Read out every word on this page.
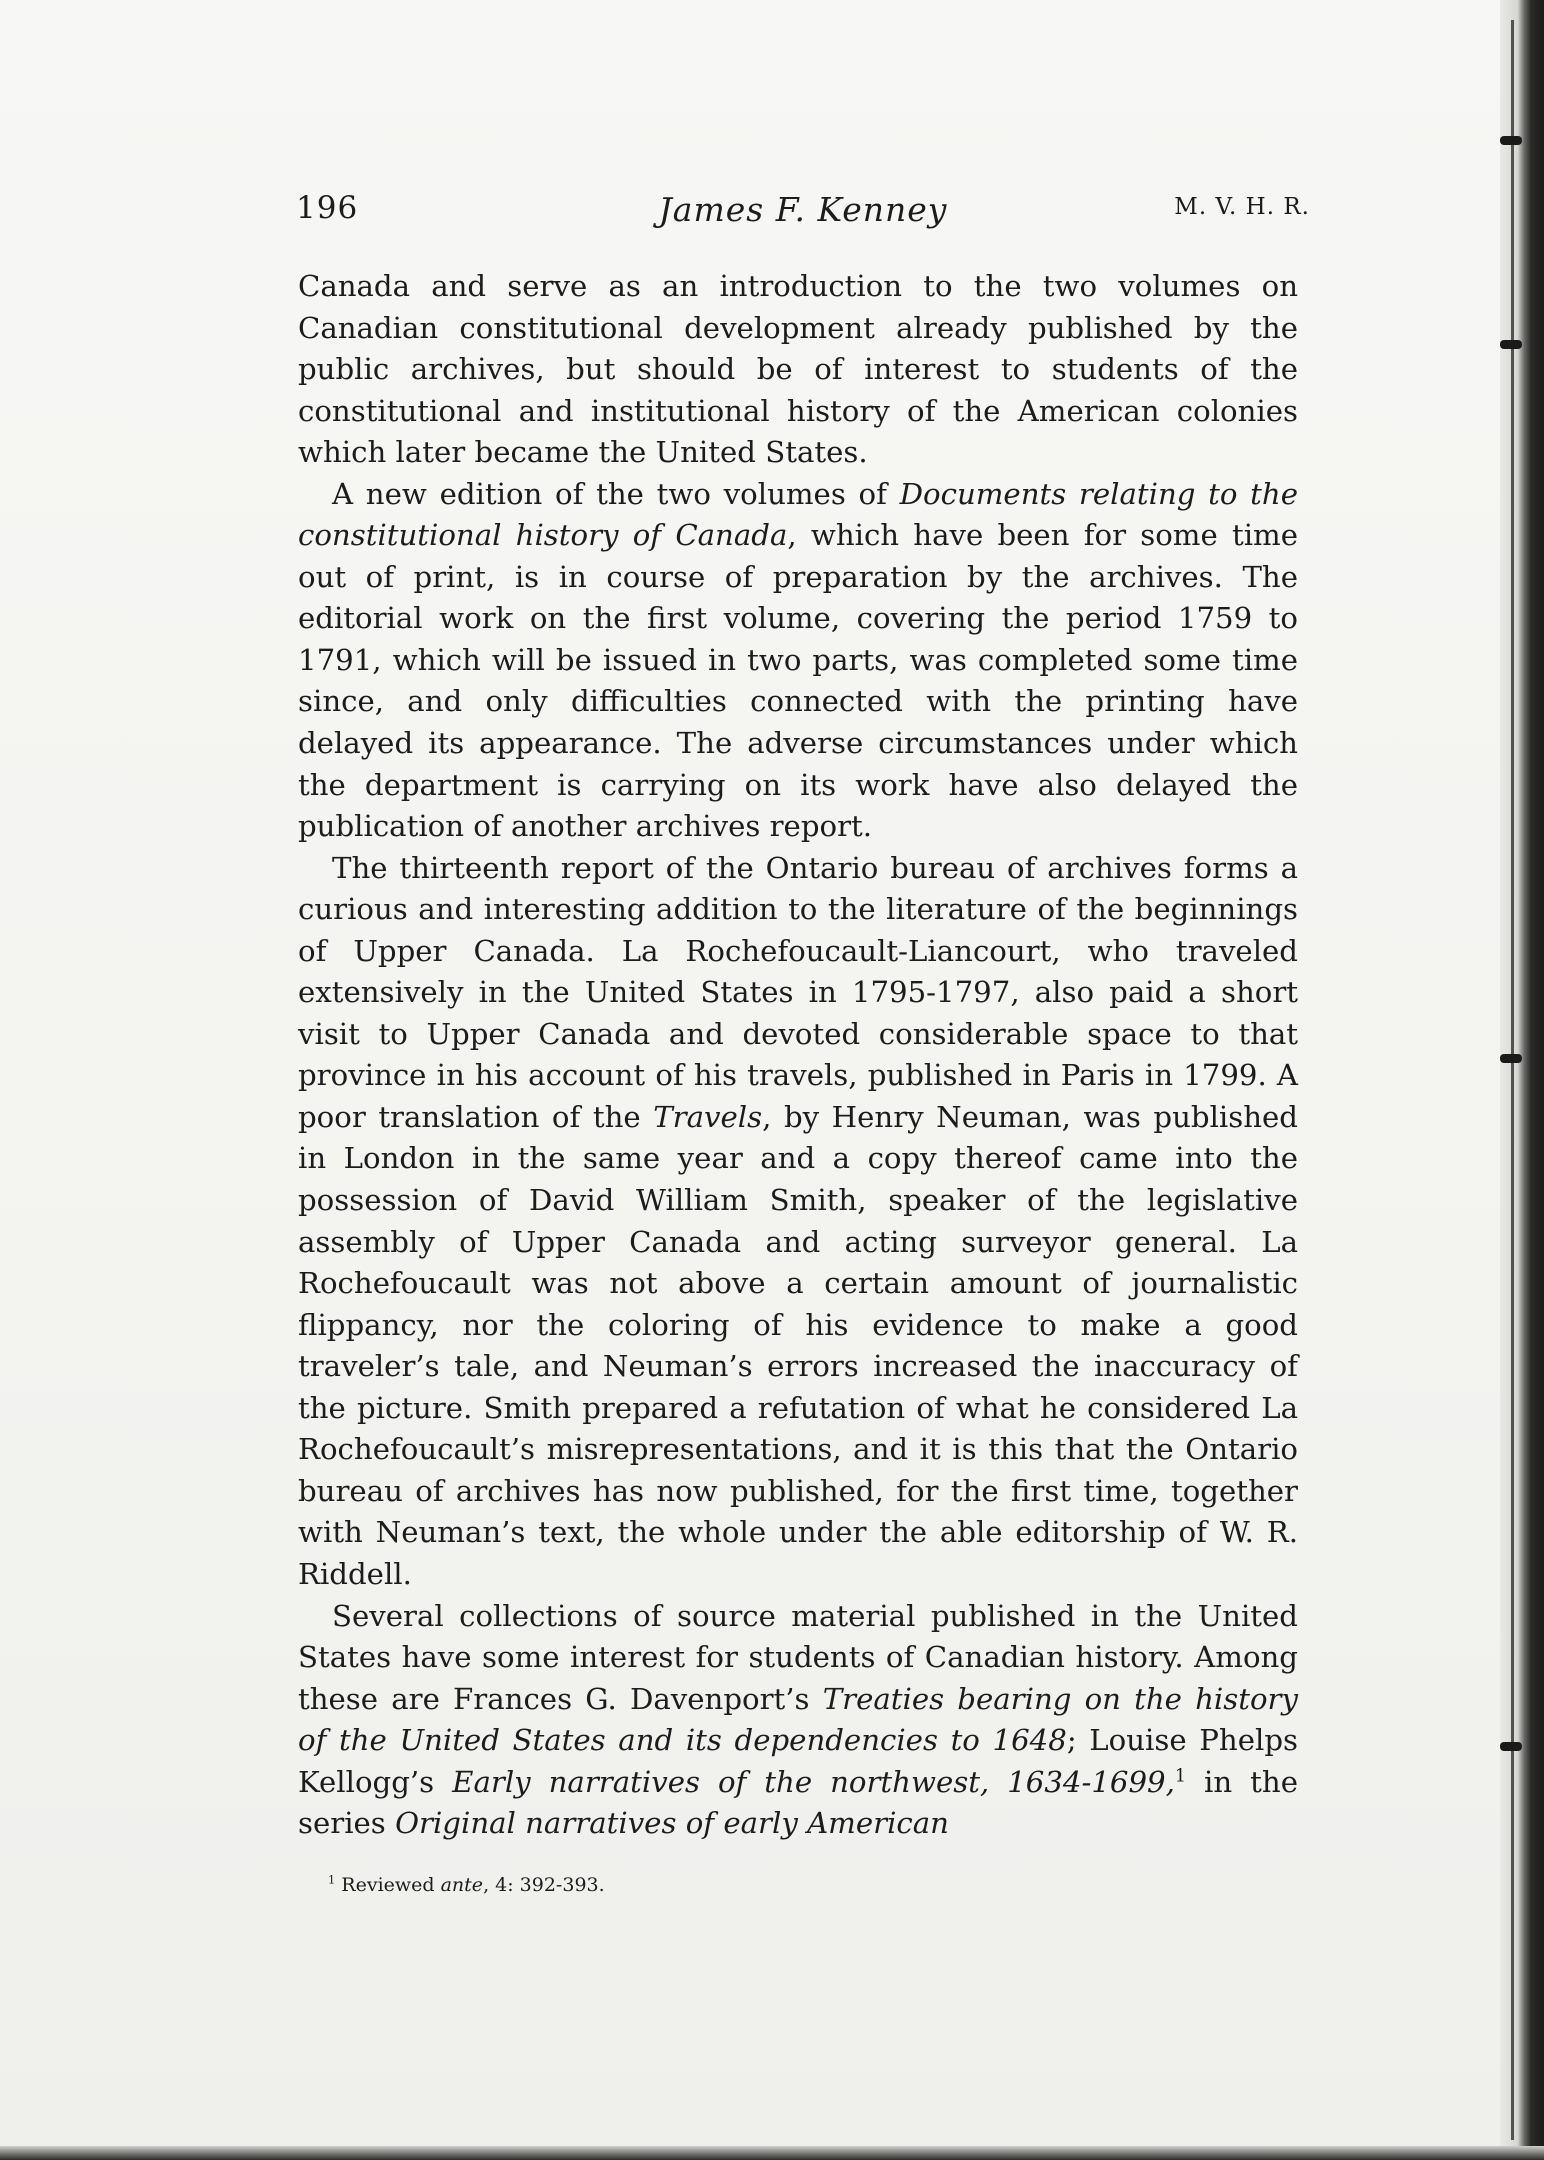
196	James F. Kenney	M. V. H. R.

Canada and serve as an introduction to the two volumes on Canadian constitutional development already published by the public archives, but should be of interest to students of the constitutional and institutional history of the American colonies which later became the United States.

A new edition of the two volumes of Documents relating to the constitutional history of Canada, which have been for some time out of print, is in course of preparation by the archives. The editorial work on the first volume, covering the period 1759 to 1791, which will be issued in two parts, was completed some time since, and only difficulties connected with the printing have delayed its appearance. The adverse circumstances under which the department is carrying on its work have also delayed the publication of another archives report.

The thirteenth report of the Ontario bureau of archives forms a curious and interesting addition to the literature of the beginnings of Upper Canada. La Rochefoucault-Liancourt, who traveled extensively in the United States in 1795-1797, also paid a short visit to Upper Canada and devoted considerable space to that province in his account of his travels, published in Paris in 1799. A poor translation of the Travels, by Henry Neuman, was published in London in the same year and a copy thereof came into the possession of David William Smith, speaker of the legislative assembly of Upper Canada and acting surveyor general. La Rochefoucault was not above a certain amount of journalistic flippancy, nor the coloring of his evidence to make a good traveler’s tale, and Neuman’s errors increased the inaccuracy of the picture. Smith prepared a refutation of what he considered La Rochefoucault’s misrepresentations, and it is this that the Ontario bureau of archives has now published, for the first time, together with Neuman’s text, the whole under the able editorship of W. R. Riddell.

Several collections of source material published in the United States have some interest for students of Canadian history. Among these are Frances G. Davenport’s Treaties bearing on the history of the United States and its dependencies to 1648; Louise Phelps Kellogg’s Early narratives of the northwest, 1634-1699,$^1$ in the series Original narratives of early American

$^1$ Reviewed ante, 4: 392-393.
